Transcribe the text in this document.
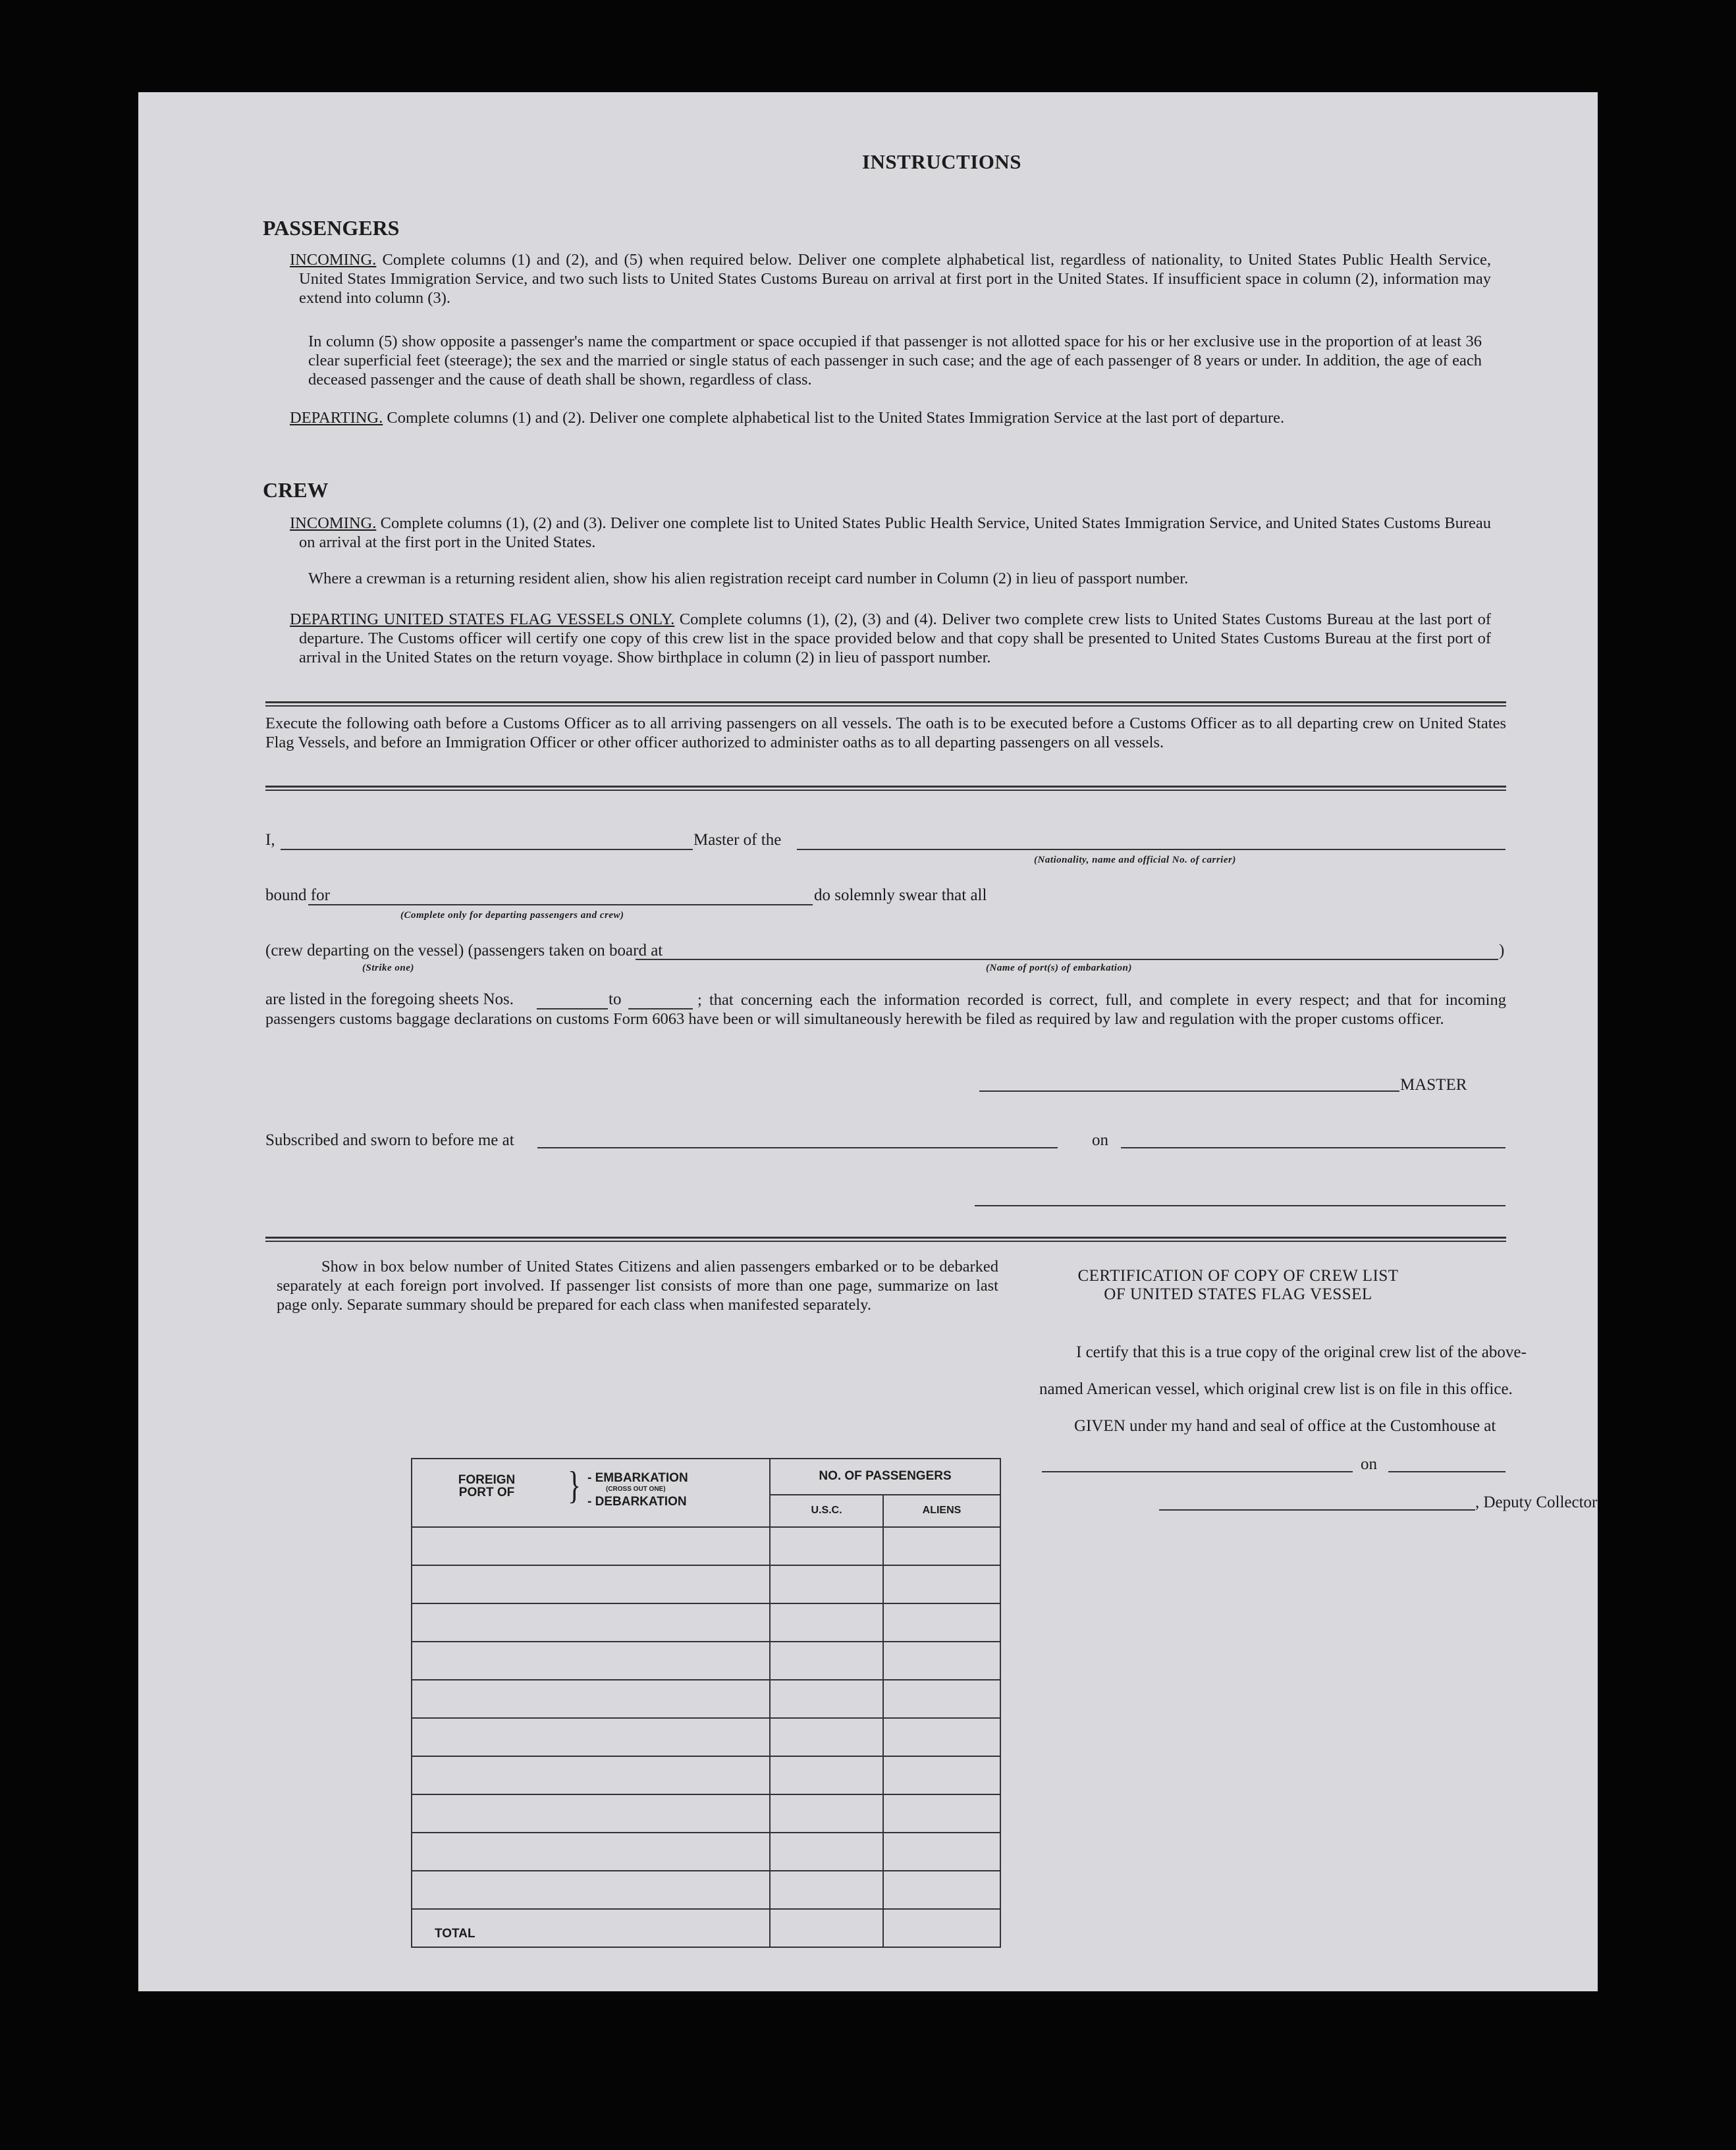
INSTRUCTIONS
PASSENGERS
INCOMING. Complete columns (1) and (2), and (5) when required below. Deliver one complete alphabetical list, regardless of nationality, to United States Public Health Service, United States Immigration Service, and two such lists to United States Customs Bureau on arrival at first port in the United States. If insufficient space in column (2), information may extend into column (3).
In column (5) show opposite a passenger's name the compartment or space occupied if that passenger is not allotted space for his or her exclusive use in the proportion of at least 36 clear superficial feet (steerage); the sex and the married or single status of each passenger in such case; and the age of each passenger of 8 years or under. In addition, the age of each deceased passenger and the cause of death shall be shown, regardless of class.
DEPARTING. Complete columns (1) and (2). Deliver one complete alphabetical list to the United States Immigration Service at the last port of departure.
CREW
INCOMING. Complete columns (1), (2) and (3). Deliver one complete list to United States Public Health Service, United States Immigration Service, and United States Customs Bureau on arrival at the first port in the United States.
Where a crewman is a returning resident alien, show his alien registration receipt card number in Column (2) in lieu of passport number.
DEPARTING UNITED STATES FLAG VESSELS ONLY. Complete columns (1), (2), (3) and (4). Deliver two complete crew lists to United States Customs Bureau at the last port of departure. The Customs officer will certify one copy of this crew list in the space provided below and that copy shall be presented to United States Customs Bureau at the first port of arrival in the United States on the return voyage. Show birthplace in column (2) in lieu of passport number.
Execute the following oath before a Customs Officer as to all arriving passengers on all vessels. The oath is to be executed before a Customs Officer as to all departing crew on United States Flag Vessels, and before an Immigration Officer or other officer authorized to administer oaths as to all departing passengers on all vessels.
I,	Master of the
(Nationality, name and official No. of carrier)
bound for
(Complete only for departing passengers and crew)
do solemnly swear that all
(crew departing on the vessel) (passengers taken on board at
(Strike one)	(Name of port(s) of embarkation)
)
are listed in the foregoing sheets Nos.	to	; that concerning each the information recorded is correct, full, and complete in every respect; and that for incoming passengers customs baggage declarations on customs Form 6063 have been or will simultaneously herewith be filed as required by law and regulation with the proper customs officer.
MASTER
Subscribed and sworn to before me at	on
Show in box below number of United States Citizens and alien passengers embarked or to be debarked separately at each foreign port involved. If passenger list consists of more than one page, summarize on last page only. Separate summary should be prepared for each class when manifested separately.
FOREIGN PORT OF } - EMBARKATION
(CROSS OUT ONE)
- DEBARKATION	NO. OF PASSENGERS	
	U.S.C.	ALIENS

TOTAL		
CERTIFICATION OF COPY OF CREW LIST
OF UNITED STATES FLAG VESSEL
I certify that this is a true copy of the original crew list of the above-
named American vessel, which original crew list is on file in this office.
GIVEN under my hand and seal of office at the Customhouse at
on
, Deputy Collector
